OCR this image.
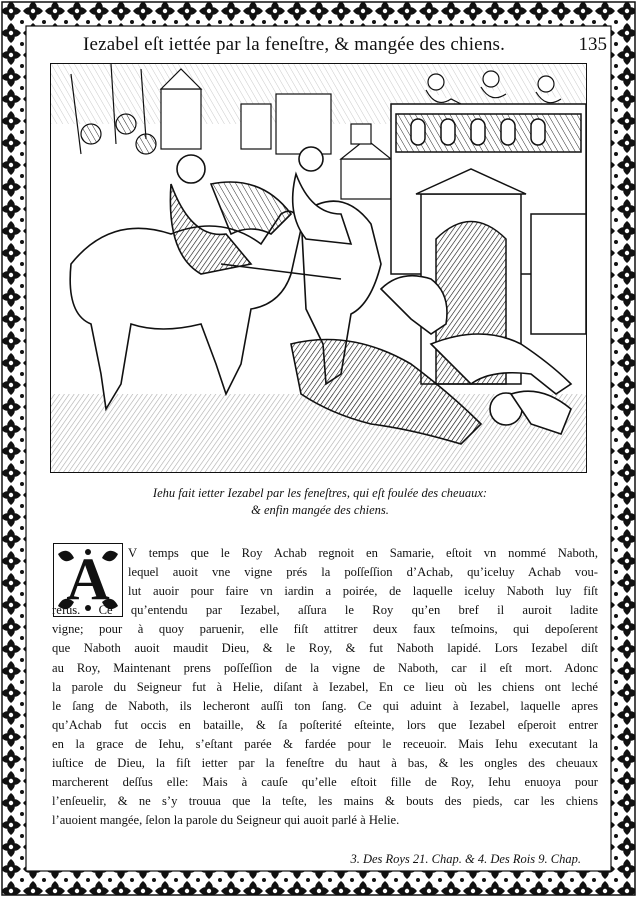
Iezabel eſt iettée par la feneſtre, & mangée des chiens.	135
Iehu fait ietter Iezabel par les feneſtres, qui eſt foulée des cheuaux:
& enfin mangée des chiens.
A	V temps que le Roy Achab regnoit en Samarie, eſtoit vn nommé Naboth,
lequel auoit vne vigne prés la poſſeſſion d’Achab, qu’iceluy Achab vou-
lut auoir pour faire vn iardin a poirée, de laquelle iceluy Naboth luy fiſt
refus. Ce qu’entendu par Iezabel, aſſura le Roy qu’en bref il auroit ladite
vigne; pour à quoy paruenir, elle fiſt attitrer deux faux teſmoins, qui depoſerent
que Naboth auoit maudit Dieu, & le Roy, & fut Naboth lapidé. Lors Iezabel diſt
au Roy, Maintenant prens poſſeſſion de la vigne de Naboth, car il eſt mort. Adonc
la parole du Seigneur fut à Helie, diſant à Iezabel, En ce lieu où les chiens ont leché
le ſang de Naboth, ils lecheront auſſi ton ſang. Ce qui aduint à Iezabel, laquelle apres
qu’Achab fut occis en bataille, & ſa poſterité eſteinte, lors que Iezabel eſperoit entrer
en la grace de Iehu, s’eſtant parée & fardée pour le receuoir. Mais Iehu executant la
iuſtice de Dieu, la fiſt ietter par la feneſtre du haut à bas, & les ongles des cheuaux
marcherent deſſus elle: Mais à cauſe qu’elle eſtoit fille de Roy, Iehu enuoya pour
l’enſeuelir, & ne s’y trouua que la teſte, les mains & bouts des pieds, car les chiens
l’auoient mangée, ſelon la parole du Seigneur qui auoit parlé à Helie.
3. Des Roys 21. Chap. & 4. Des Rois 9. Chap.
